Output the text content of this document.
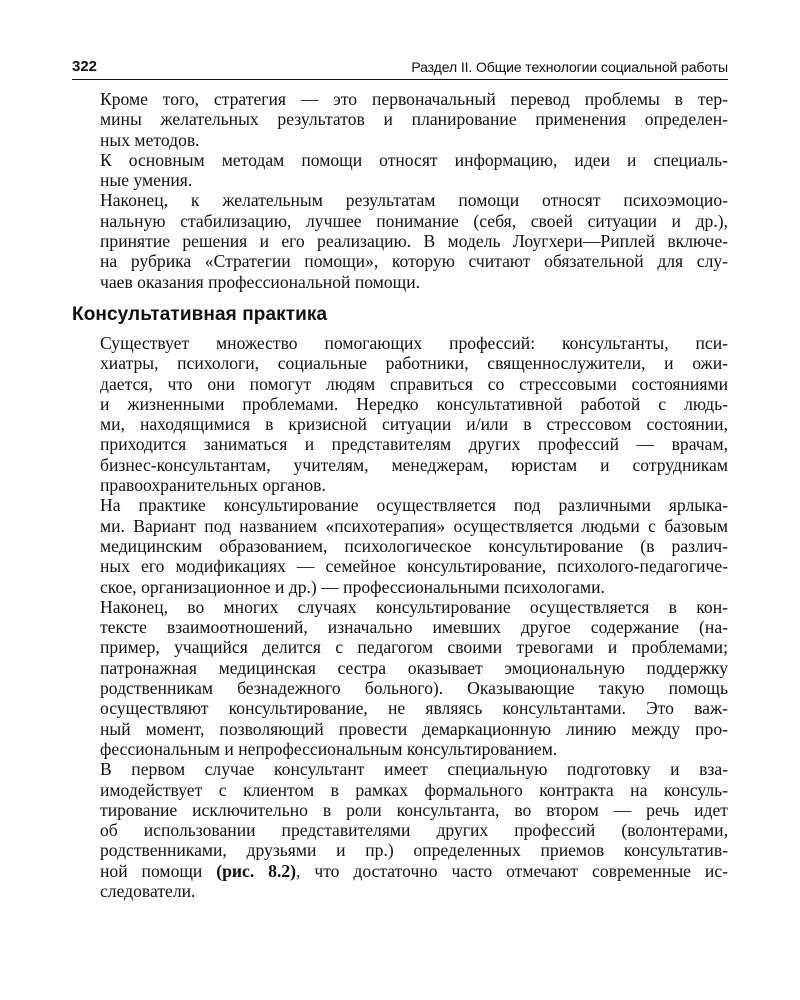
322	Раздел II. Общие технологии социальной работы

Кроме того, стратегия — это первоначальный перевод проблемы в тер-
мины желательных результатов и планирование применения определен-
ных методов.

К основным методам помощи относят информацию, идеи и специаль-
ные умения.

Наконец, к желательным результатам помощи относят психоэмоцио-
нальную стабилизацию, лучшее понимание (себя, своей ситуации и др.),
принятие решения и его реализацию. В модель Лоугхери—Риплей включе-
на рубрика «Стратегии помощи», которую считают обязательной для слу-
чаев оказания профессиональной помощи.

Консультативная практика

Существует множество помогающих профессий: консультанты, пси-
хиатры, психологи, социальные работники, священнослужители, и ожи-
дается, что они помогут людям справиться со стрессовыми состояниями
и жизненными проблемами. Нередко консультативной работой с людь-
ми, находящимися в кризисной ситуации и/или в стрессовом состоянии,
приходится заниматься и представителям других профессий — врачам,
бизнес-консультантам, учителям, менеджерам, юристам и сотрудникам
правоохранительных органов.

На практике консультирование осуществляется под различными ярлыка-
ми. Вариант под названием «психотерапия» осуществляется людьми с базовым
медицинским образованием, психологическое консультирование (в различ-
ных его модификациях — семейное консультирование, психолого-педагогиче-
ское, организационное и др.) — профессиональными психологами.

Наконец, во многих случаях консультирование осуществляется в кон-
тексте взаимоотношений, изначально имевших другое содержание (на-
пример, учащийся делится с педагогом своими тревогами и проблемами;
патронажная медицинская сестра оказывает эмоциональную поддержку
родственникам безнадежного больного). Оказывающие такую помощь
осуществляют консультирование, не являясь консультантами. Это важ-
ный момент, позволяющий провести демаркационную линию между про-
фессиональным и непрофессиональным консультированием.

В первом случае консультант имеет специальную подготовку и вза-
имодействует с клиентом в рамках формального контракта на консуль-
тирование исключительно в роли консультанта, во втором — речь идет
об использовании представителями других профессий (волонтерами,
родственниками, друзьями и пр.) определенных приемов консультатив-
ной помощи (рис. 8.2), что достаточно часто отмечают современные ис-
следователи.
